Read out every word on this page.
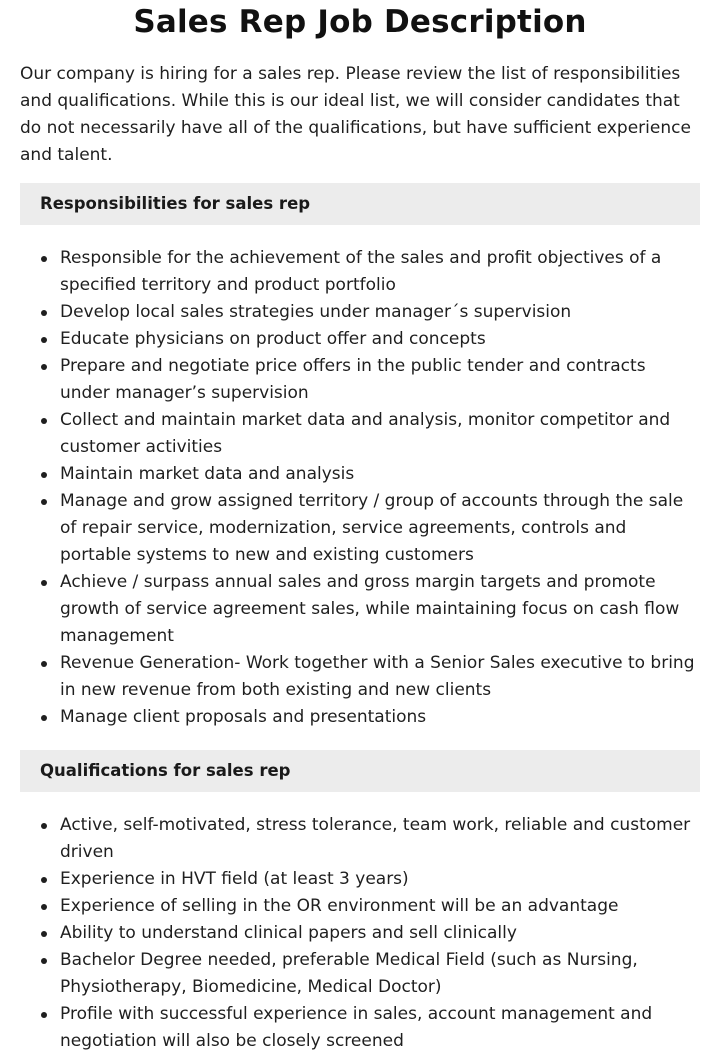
Sales Rep Job Description

Our company is hiring for a sales rep. Please review the list of responsibilities and qualifications. While this is our ideal list, we will consider candidates that do not necessarily have all of the qualifications, but have sufficient experience and talent.

Responsibilities for sales rep
Responsible for the achievement of the sales and profit objectives of a specified territory and product portfolio
Develop local sales strategies under manager´s supervision
Educate physicians on product offer and concepts
Prepare and negotiate price offers in the public tender and contracts under manager’s supervision
Collect and maintain market data and analysis, monitor competitor and customer activities
Maintain market data and analysis
Manage and grow assigned territory / group of accounts through the sale of repair service, modernization, service agreements, controls and portable systems to new and existing customers
Achieve / surpass annual sales and gross margin targets and promote growth of service agreement sales, while maintaining focus on cash flow management
Revenue Generation- Work together with a Senior Sales executive to bring in new revenue from both existing and new clients
Manage client proposals and presentations
Qualifications for sales rep
Active, self-motivated, stress tolerance, team work, reliable and customer driven
Experience in HVT field (at least 3 years)
Experience of selling in the OR environment will be an advantage
Ability to understand clinical papers and sell clinically
Bachelor Degree needed, preferable Medical Field (such as Nursing, Physiotherapy, Biomedicine, Medical Doctor)
Profile with successful experience in sales, account management and negotiation will also be closely screened
